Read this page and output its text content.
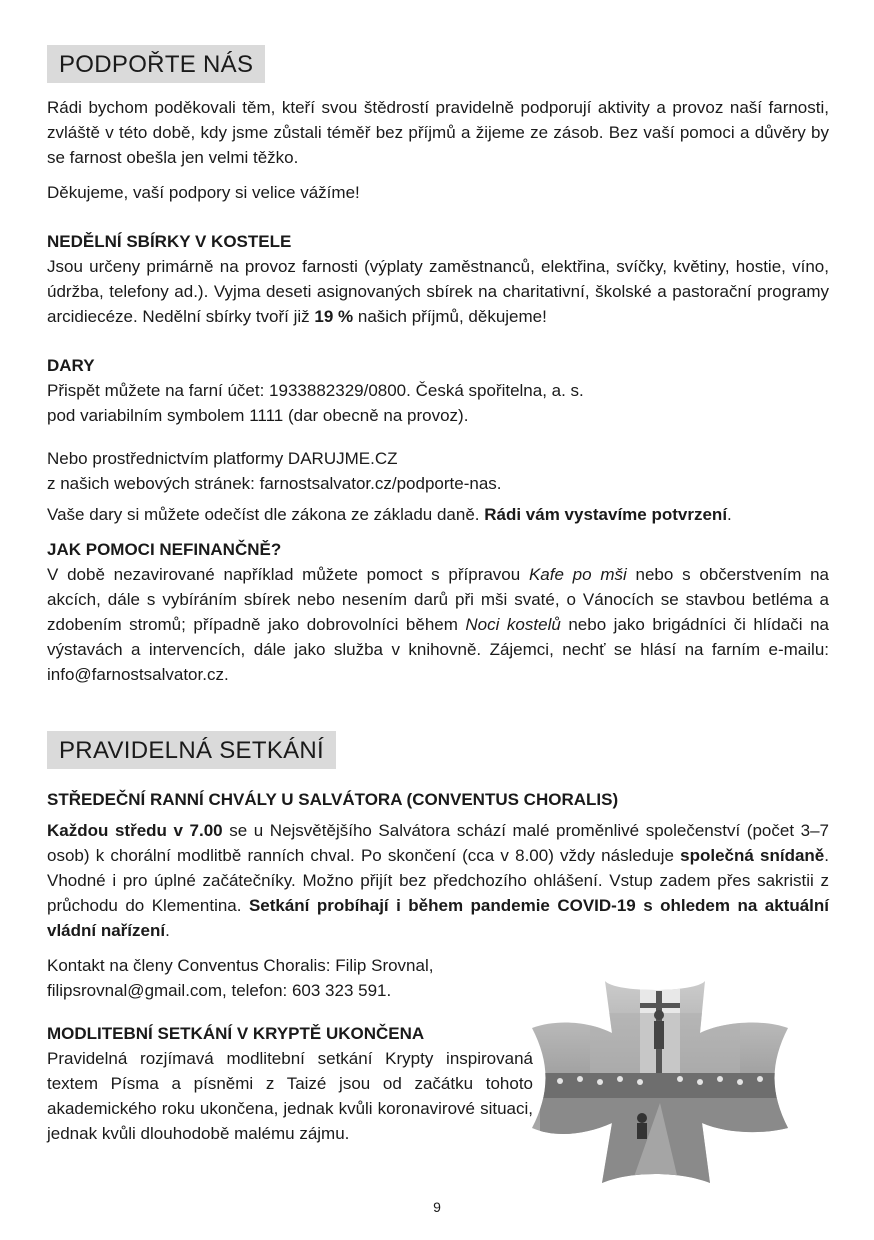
PODPOŘTE NÁS

Rádi bychom poděkovali těm, kteří svou štědrostí pravidelně podporují aktivity a provoz naší farnosti, zvláště v této době, kdy jsme zůstali téměř bez příjmů a žijeme ze zásob. Bez vaší pomoci a důvěry by se farnost obešla jen velmi těžko.

Děkujeme, vaší podpory si velice vážíme!

NEDĚLNÍ SBÍRKY V KOSTELE

Jsou určeny primárně na provoz farnosti (výplaty zaměstnanců, elektřina, svíčky, květiny, hostie, víno, údržba, telefony ad.). Vyjma deseti asignovaných sbírek na charitativní, školské a pastorační programy arcidiecéze. Nedělní sbírky tvoří již 19 % našich příjmů, děkujeme!

DARY

Přispět můžete na farní účet: 1933882329/0800. Česká spořitelna, a. s.
pod variabilním symbolem 1111 (dar obecně na provoz).

Nebo prostřednictvím platformy DARUJME.CZ
z našich webových stránek: farnostsalvator.cz/podporte-nas.

Vaše dary si můžete odečíst dle zákona ze základu daně. Rádi vám vystavíme potvrzení.

JAK POMOCI NEFINANČNĚ?

V době nezavirované například můžete pomoct s přípravou Kafe po mši nebo s občerstvením na akcích, dále s vybíráním sbírek nebo nesením darů při mši svaté, o Vánocích se stavbou betléma a zdobením stromů; případně jako dobrovolníci během Noci kostelů nebo jako brigádníci či hlídači na výstavách a intervencích, dále jako služba v knihovně. Zájemci, nechť se hlásí na farním e-mailu: info@farnostsalvator.cz.

PRAVIDELNÁ SETKÁNÍ
STŘEDEČNÍ RANNÍ CHVÁLY U SALVÁTORA (CONVENTUS CHORALIS)

Každou středu v 7.00 se u Nejsvětějšího Salvátora schází malé proměnlivé společenství (počet 3–7 osob) k chorální modlitbě ranních chval. Po skončení (cca v 8.00) vždy následuje společná snídaně. Vhodné i pro úplné začátečníky. Možno přijít bez předchozího ohlášení. Vstup zadem přes sakristii z průchodu do Klementina. Setkání probíhají i během pandemie COVID-19 s ohledem na aktuální vládní nařízení.

Kontakt na členy Conventus Choralis: Filip Srovnal,
filipsrovnal@gmail.com, telefon: 603 323 591.

MODLITEBNÍ SETKÁNÍ V KRYPTĚ UKONČENA

Pravidelná rozjímavá modlitební setkání Krypty inspirovaná textem Písma a písněmi z Taizé jsou od začátku tohoto akademického roku ukončena, jednak kvůli koronavirové situaci, jednak kvůli dlouhodobě malému zájmu.

9
